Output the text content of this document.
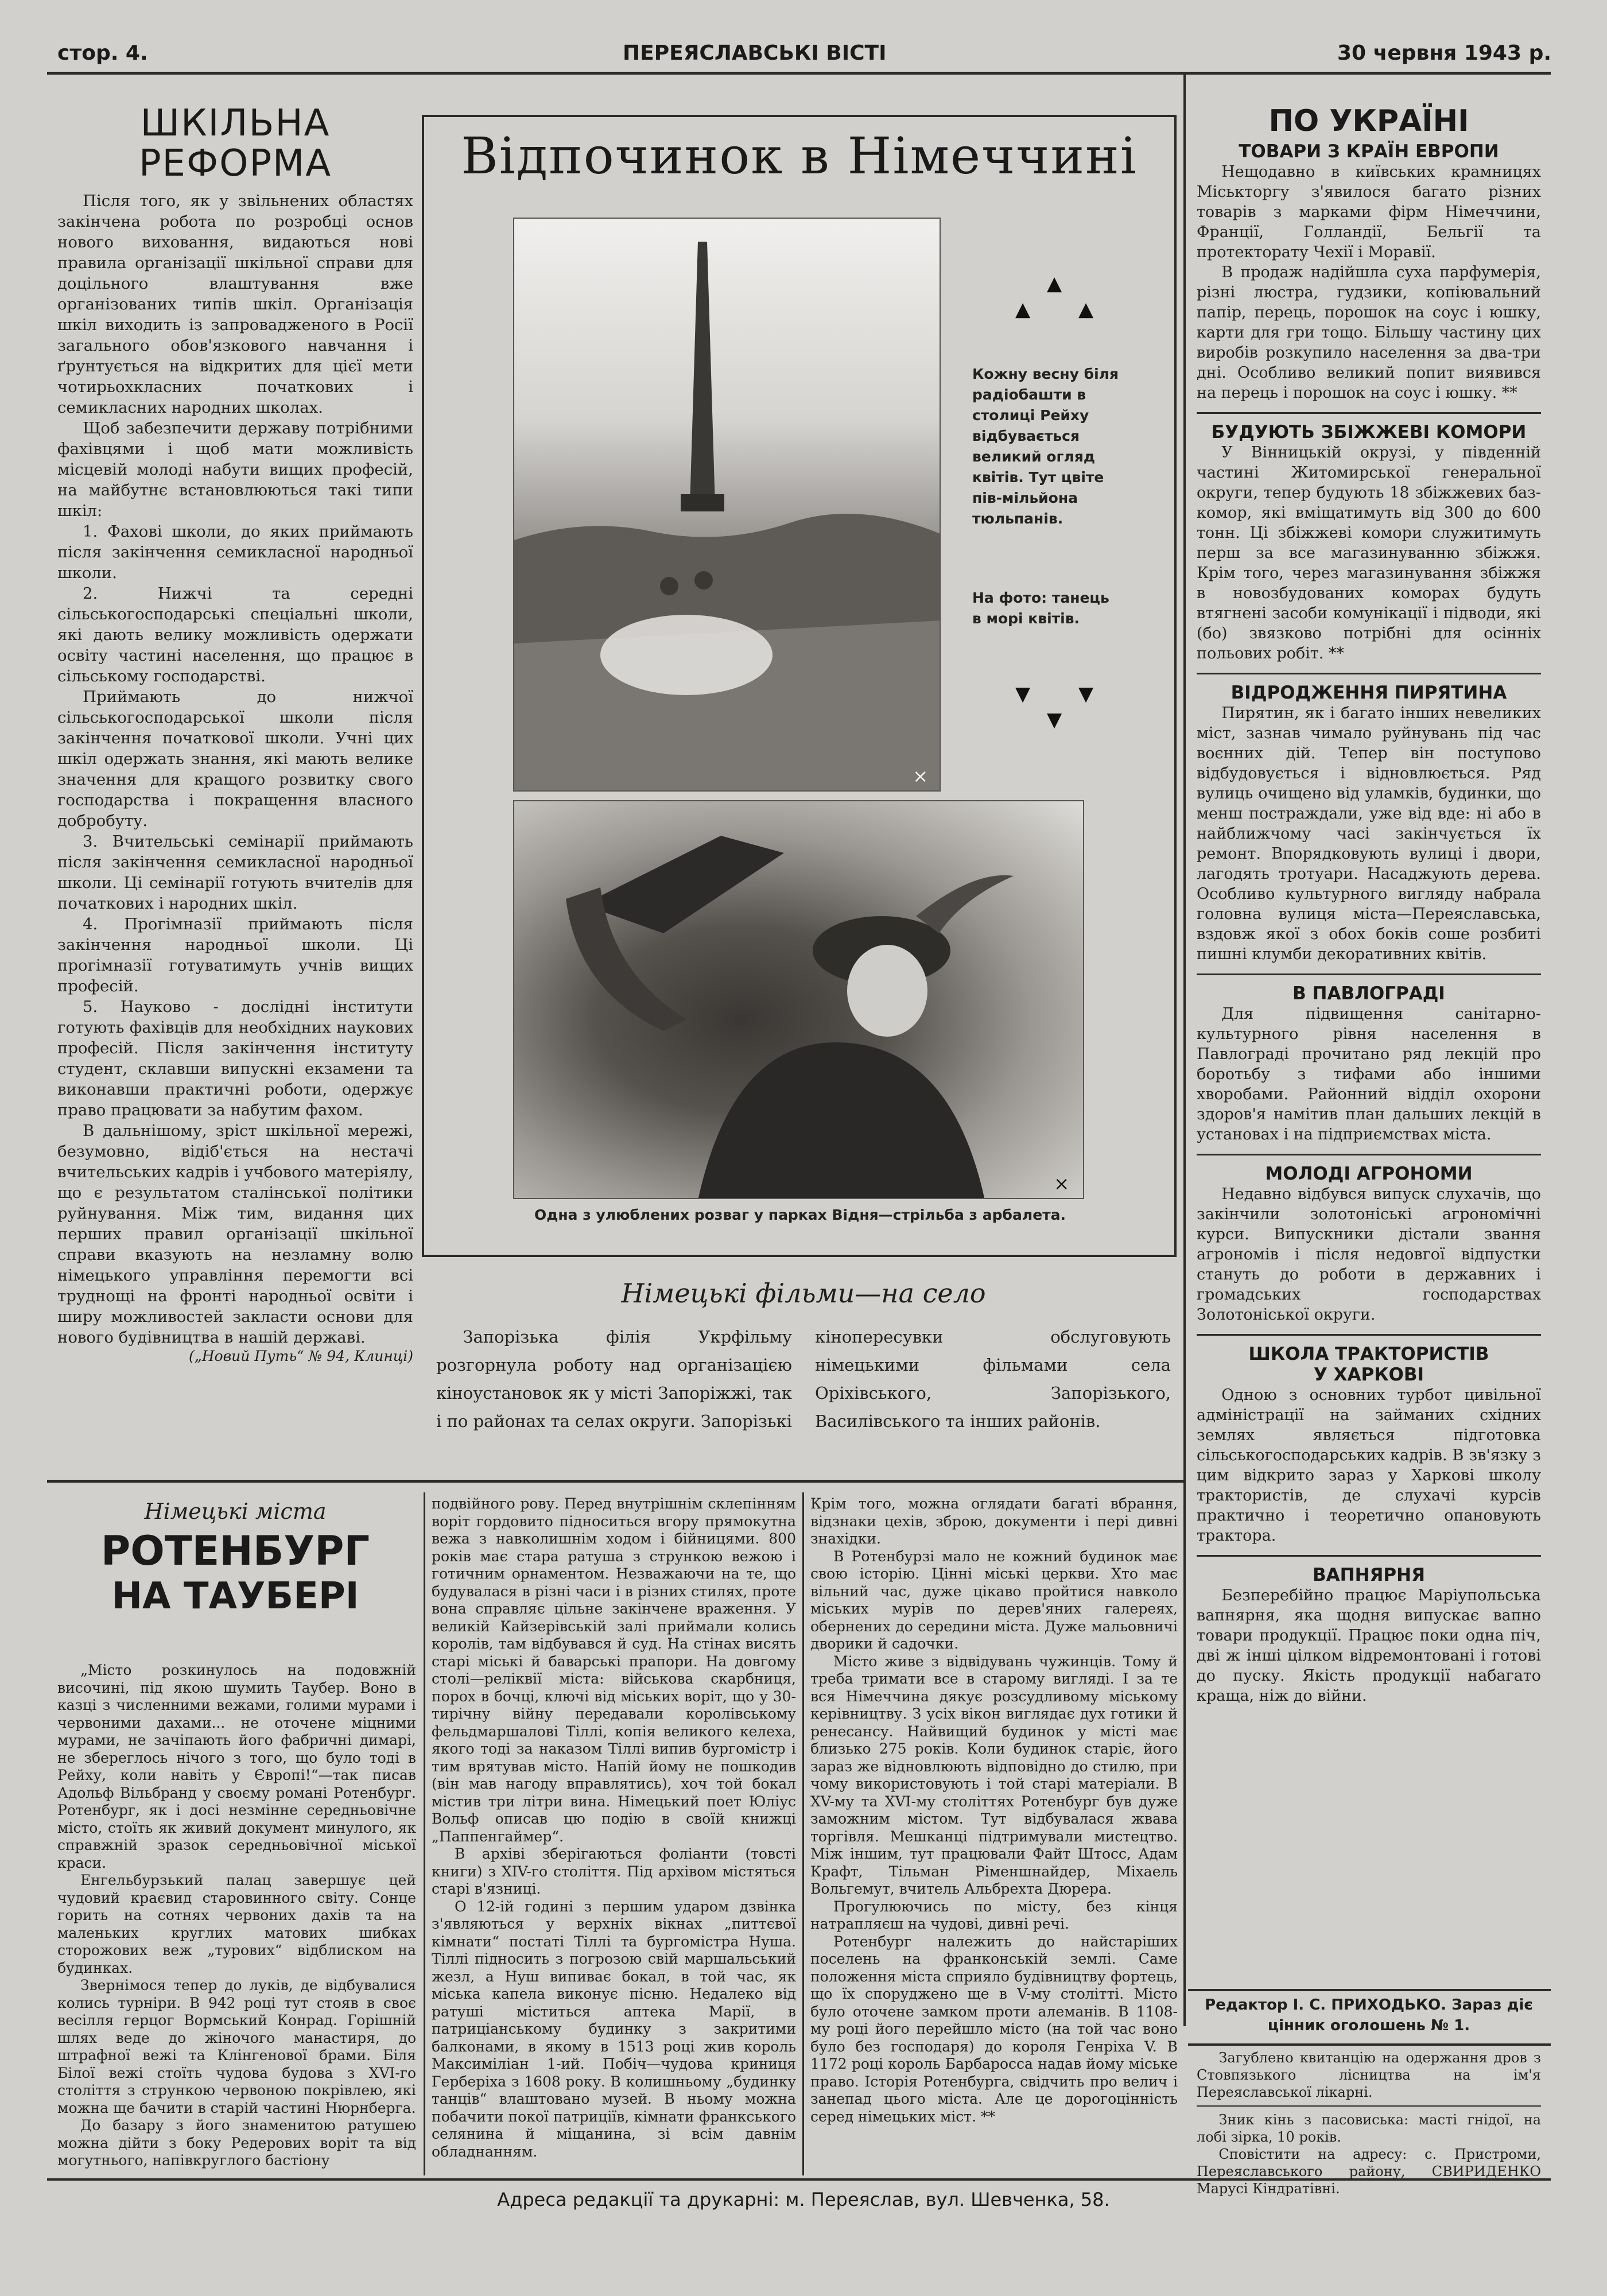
стор. 4.	ПЕРЕЯСЛАВСЬКІ ВІСТІ	30 червня 1943 р.
ШКІЛЬНА
РЕФОРМА

Після того, як у звільнених областях закінчена робота по розробці основ нового виховання, видаються нові правила організації шкільної справи для доцільного влаштування вже організованих типів шкіл. Організація шкіл виходить із запровадженого в Росії загального обов'язкового навчання і ґрунтується на відкритих для цієї мети чотирьохкласних початкових і семикласних народних школах.

Щоб забезпечити державу потрібними фахівцями і щоб мати можливість місцевій молоді набути вищих професій, на майбутнє встановлюються такі типи шкіл:

1. Фахові школи, до яких приймають після закінчення семикласної народньої школи.

2. Нижчі та середні сільськогосподарські спеціальні школи, які дають велику можливість одержати освіту частині населення, що працює в сільському господарстві.

Приймають до нижчої сільськогосподарської школи після закінчення початкової школи. Учні цих шкіл одержать знання, які мають велике значення для кращого розвитку свого господарства і покращення власного добробуту.

3. Вчительські семінарії приймають після закінчення семикласної народньої школи. Ці семінарії готують вчителів для початкових і народних шкіл.

4. Прогімназії приймають після закінчення народньої школи. Ці прогімназії готуватимуть учнів вищих професій.

5. Науково - дослідні інститути готують фахівців для необхідних наукових професій. Після закінчення інституту студент, склавши випускні екзамени та виконавши практичні роботи, одержує право працювати за набутим фахом.

В дальнішому, зріст шкільної мережі, безумовно, відіб'ється на нестачі вчительських кадрів і учбового матеріялу, що є результатом сталінської політики руйнування. Між тим, видання цих перших правил організації шкільної справи вказують на незламну волю німецького управління перемогти всі труднощі на фронті народньої освіти і ширу можливостей закласти основи для нового будівництва в нашій державі.

(„Новий Путь“ № 94, Клинці)
Відпочинок в Німеччині
×
▲
▲ ▲
Кожну весну біля радіобашти в столиці Рейху відбувається великий огляд квітів. Тут цвіте пів-мільйона тюльпанів.
На фото: танець в морі квітів.
▼ ▼
▼
×
Одна з улюблених розваг у парках Відня—стрільба з арбалета.
Німецькі фільми—на село

Запорізька філія Укрфільму розгорнула роботу над організацією кіноустановок як у місті Запоріжжі, так і по районах та селах округи. Запорізькі кінопересувки обслуговують німецькими фільмами села Оріхівського, Запорізького, Василівського та інших районів.

Німецькі міста
РОТЕНБУРГ
НА ТАУБЕРІ

„Місто розкинулось на подовжній височині, під якою шумить Таубер. Воно в казці з численними вежами, голими мурами і червоними дахами... не оточене міцними мурами, не зачіпають його фабричні димарі, не збереглось нічого з того, що було тоді в Рейху, коли навіть у Європі!“—так писав Адольф Вільбранд у своєму романі Ротенбург. Ротенбург, як і досі незмінне середньовічне місто, стоїть як живий документ минулого, як справжній зразок середньовічної міської краси.

Енгельбурзький палац завершує цей чудовий краєвид старовинного світу. Сонце горить на сотнях червоних дахів та на маленьких круглих матових шибках сторожових веж „турових“ відблиском на будинках.

Звернімося тепер до луків, де відбувалися колись турніри. В 942 році тут стояв в своє весілля герцог Вормський Конрад. Горішній шлях веде до жіночого манастиря, до штрафної вежі та Клінгенової брами. Біля Білої вежі стоїть чудова будова з XVI-го століття з стрункою червоною покрівлею, які можна ще бачити в старій частині Нюрнберга.

До базару з його знаменитою ратушею можна дійти з боку Редерових воріт та від могутнього, напівкруглого бастіону

подвійного рову. Перед внутрішнім склепінням воріт гордовито підноситься вгору прямокутна вежа з навколишнім ходом і бійницями. 800 років має стара ратуша з стрункою вежою і готичним орнаментом. Незважаючи на те, що будувалася в різні часи і в різних стилях, проте вона справляє цільне закінчене враження. У великій Кайзерівській залі приймали колись королів, там відбувався й суд. На стінах висять старі міські й баварські прапори. На довгому столі—реліквії міста: військова скарбниця, порох в бочці, ключі від міських воріт, що у 30-тирічну війну передавали королівському фельдмаршалові Тіллі, копія великого келеха, якого тоді за наказом Тіллі випив бургомістр і тим врятував місто. Напій йому не пошкодив (він мав нагоду вправлятись), хоч той бокал містив три літри вина. Німецький поет Юліус Вольф описав цю подію в своїй книжці „Паппенгаймер“.

В архіві зберігаються фоліанти (товсті книги) з XIV-го століття. Під архівом містяться старі в'язниці.

О 12-ій годині з першим ударом дзвінка з'являються у верхніх вікнах „питтєвої кімнати“ постаті Тіллі та бургомістра Нуша. Тіллі підносить з погрозою свій маршальський жезл, а Нуш випиває бокал, в той час, як міська капела виконує пісню. Недалеко від ратуші міститься аптека Марії, в патриціанському будинку з закритими балконами, в якому в 1513 році жив король Максиміліан 1-ий. Побіч—чудова криниця Герберіха з 1608 року. В колишньому „будинку танців“ влаштовано музей. В ньому можна побачити покої патриціїв, кімнати франкського селянина й міщанина, зі всім давнім обладнанням.

Крім того, можна оглядати багаті вбрання, відзнаки цехів, зброю, документи і пері дивні знахідки.

В Ротенбурзі мало не кожний будинок має свою історію. Цінні міські церкви. Хто має вільний час, дуже цікаво пройтися навколо міських мурів по дерев'яних галереях, обернених до середини міста. Дуже мальовничі дворики й садочки.

Місто живе з відвідувань чужинців. Тому й треба тримати все в старому вигляді. І за те вся Німеччина дякує розсудливому міському керівництву. З усіх вікон виглядає дух готики й ренесансу. Найвищий будинок у місті має близько 275 років. Коли будинок старіє, його зараз же відновлюють відповідно до стилю, при чому використовують і той старі матеріали. В XV-му та XVI-му століттях Ротенбург був дуже заможним містом. Тут відбувалася жвава торгівля. Мешканці підтримували мистецтво. Між іншим, тут працювали Файт Штосс, Адам Крафт, Тільман Ріменшнайдер, Міхаель Вольгемут, вчитель Альбрехта Дюрера.

Прогулюючись по місту, без кінця натрапляєш на чудові, дивні речі.

Ротенбург належить до найстаріших поселень на франконській землі. Саме положення міста сприяло будівництву фортець, що їх споруджено ще в V-му столітті. Місто було оточене замком проти алеманів. В 1108-му році його перейшло місто (на той час воно було без господаря) до короля Генріха V. В 1172 році король Барбаросса надав йому міське право. Історія Ротенбурга, свідчить про велич і занепад цього міста. Але це дорогоцінність серед німецьких міст. **

ПО УКРАЇНІ
ТОВАРИ З КРАЇН ЕВРОПИ

Нещодавно в київських крамницях Міськторгу з'явилося багато різних товарів з марками фірм Німеччини, Франції, Голландії, Бельгії та протекторату Чехії і Моравії.

В продаж надійшла суха парфумерія, різні люстра, гудзики, копіювальний папір, перець, порошок на соус і юшку, карти для гри тощо. Більшу частину цих виробів розкупило населення за два-три дні. Особливо великий попит виявився на перець і порошок на соус і юшку. **

БУДУЮТЬ ЗБІЖЖЕВІ КОМОРИ

У Вінницькій окрузі, у південній частині Житомирської генеральної округи, тепер будують 18 збіжжевих баз-комор, які вміщатимуть від 300 до 600 тонн. Ці збіжжеві комори служитимуть перш за все магазинуванню збіжжя. Крім того, через магазинування збіжжя в новозбудованих коморах будуть втягнені засоби комунікації і підводи, які (бо) звязково потрібні для осінніх польових робіт. **

ВІДРОДЖЕННЯ ПИРЯТИНА

Пирятин, як і багато інших невеликих міст, зазнав чимало руйнувань під час воєнних дій. Тепер він поступово відбудовується і відновлюється. Ряд вулиць очищено від уламків, будинки, що менш постраждали, уже від вде: ні або в найближчому часі закінчується їх ремонт. Впорядковують вулиці і двори, лагодять тротуари. Насаджують дерева. Особливо культурного вигляду набрала головна вулиця міста—Переяславська, вздовж якої з обох боків соше розбиті пишні клумби декоративних квітів.

В ПАВЛОГРАДІ

Для підвищення санітарно-культурного рівня населення в Павлограді прочитано ряд лекцій про боротьбу з тифами або іншими хворобами. Районний відділ охорони здоров'я намітив план дальших лекцій в установах і на підприємствах міста.

МОЛОДІ АГРОНОМИ

Недавно відбувся випуск слухачів, що закінчили золотоніські агрономічні курси. Випускники дістали звання агрономів і після недовгої відпустки стануть до роботи в державних і громадських господарствах Золотоніської округи.

ШКОЛА ТРАКТОРИСТІВ
У ХАРКОВІ

Одною з основних турбот цивільної адміністрації на займаних східних землях являється підготовка сільськогосподарських кадрів. В зв'язку з цим відкрито зараз у Харкові школу трактористів, де слухачі курсів практично і теоретично опановують трактора.

ВАПНЯРНЯ

Безперебійно працює Маріупольська вапнярня, яка щодня випускає вапно товари продукції. Працює поки одна піч, дві ж інші цілком відремонтовані і готові до пуску. Якість продукції набагато краща, ніж до війни.

Редактор І. С. ПРИХОДЬКО. Зараз діє цінник оголошень № 1.

Загублено квитанцію на одержання дров з Стовпязького лісництва на ім'я Переяславської лікарні.

Зник кінь з пасовиська: масті гнідої, на лобі зірка, 10 років.

Сповістити на адресу: с. Пристроми, Переяславського району, СВИРИДЕНКО Марусі Кіндратівні.

Адреса редакції та друкарні: м. Переяслав, вул. Шевченка, 58.
